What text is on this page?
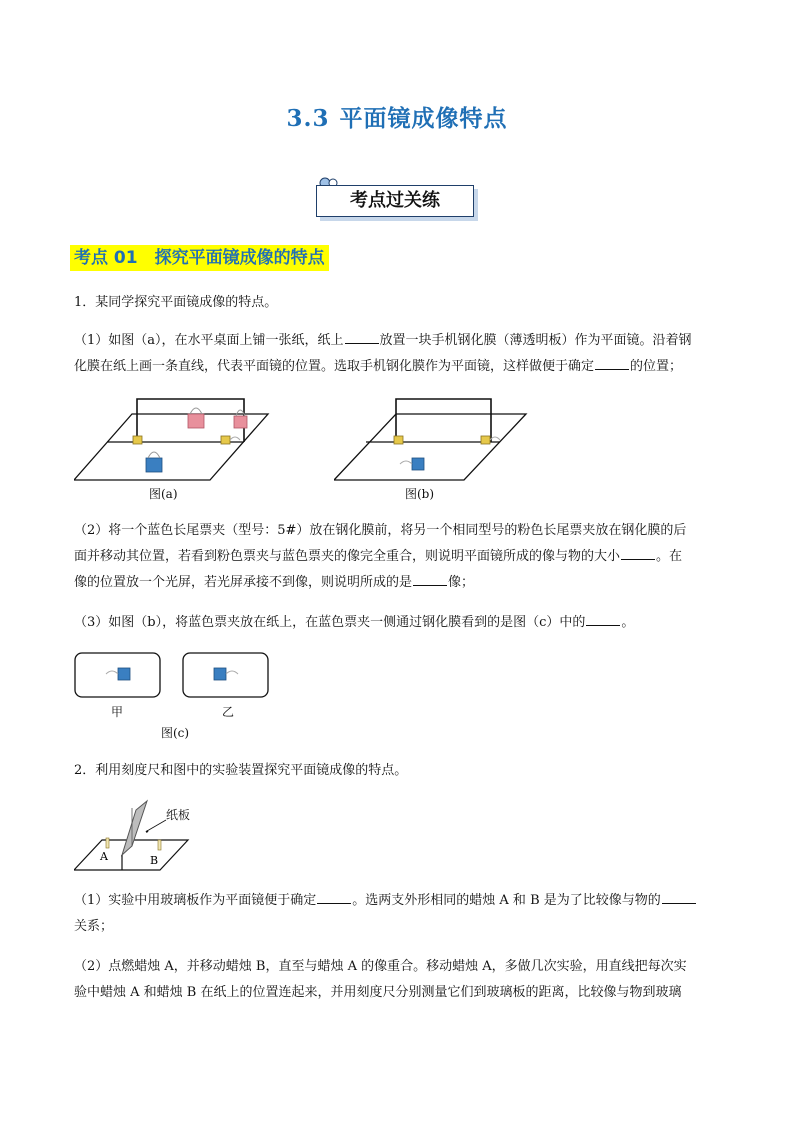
3.3 平面镜成像特点
考点过关练
考点 01　探究平面镜成像的特点
1．某同学探究平面镜成像的特点。
（1）如图（a），在水平桌面上铺一张纸，纸上	放置一块手机钢化膜（薄透明板）作为平面镜。沿着钢
化膜在纸上画一条直线，代表平面镜的位置。选取手机钢化膜作为平面镜，这样做便于确定	的位置；
图(a)	图(b)
（2）将一个蓝色长尾票夹（型号：5#）放在钢化膜前，将另一个相同型号的粉色长尾票夹放在钢化膜的后
面并移动其位置，若看到粉色票夹与蓝色票夹的像完全重合，则说明平面镜所成的像与物的大小	。在
像的位置放一个光屏，若光屏承接不到像，则说明所成的是	像；
（3）如图（b），将蓝色票夹放在纸上，在蓝色票夹一侧通过钢化膜看到的是图（c）中的	。
甲	乙
图(c)
2．利用刻度尺和图中的实验装置探究平面镜成像的特点。
A	B
纸板
（1）实验中用玻璃板作为平面镜便于确定	。选两支外形相同的蜡烛 A 和 B 是为了比较像与物的
关系；
（2）点燃蜡烛 A，并移动蜡烛 B，直至与蜡烛 A 的像重合。移动蜡烛 A，多做几次实验，用直线把每次实
验中蜡烛 A 和蜡烛 B 在纸上的位置连起来，并用刻度尺分别测量它们到玻璃板的距离，比较像与物到玻璃
